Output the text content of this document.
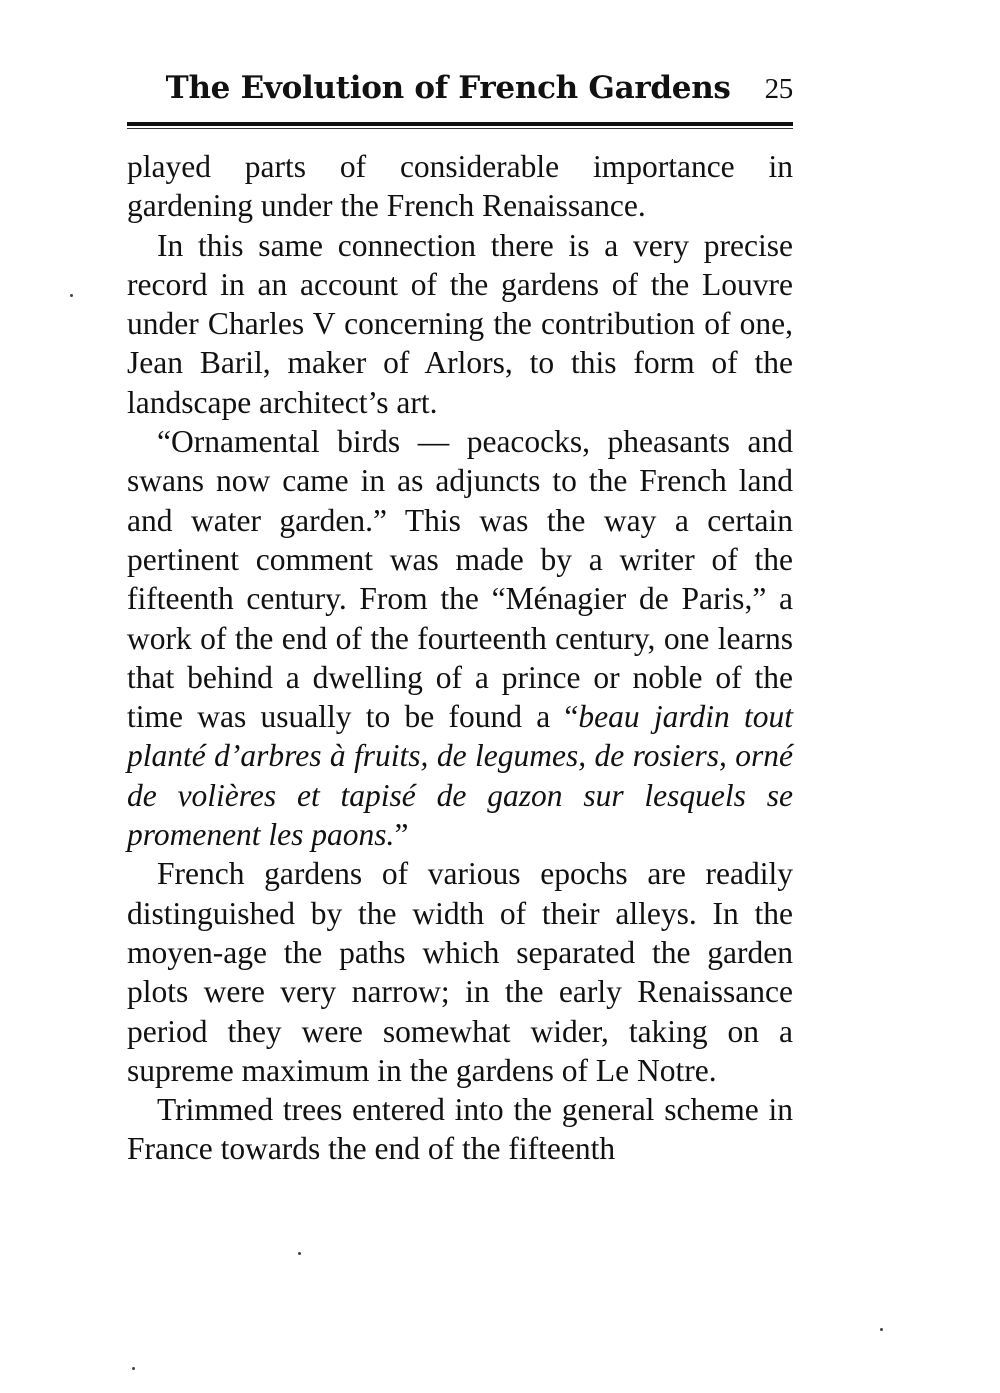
The Evolution of French Gardens 25

played parts of considerable importance in gardening under the French Renaissance.

In this same connection there is a very precise record in an account of the gardens of the Louvre under Charles V concerning the contribution of one, Jean Baril, maker of Arlors, to this form of the landscape architect’s art.

“Ornamental birds — peacocks, pheasants and swans now came in as adjuncts to the French land and water garden.” This was the way a certain pertinent comment was made by a writer of the fifteenth century. From the “Ménagier de Paris,” a work of the end of the fourteenth century, one learns that behind a dwelling of a prince or noble of the time was usually to be found a “beau jardin tout planté d’arbres à fruits, de legumes, de rosiers, orné de volières et tapisé de gazon sur lesquels se promenent les paons.”

French gardens of various epochs are readily distinguished by the width of their alleys. In the moyen-age the paths which separated the garden plots were very narrow; in the early Renaissance period they were somewhat wider, taking on a supreme maximum in the gardens of Le Notre.

Trimmed trees entered into the general scheme in France towards the end of the fifteenth
